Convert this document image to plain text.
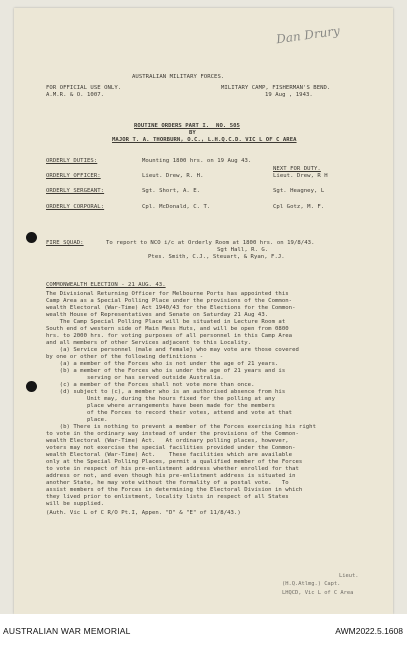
Dan Drury
AUSTRALIAN MILITARY FORCES.
FOR OFFICIAL USE ONLY.
A.M.R. & O. 1007.
MILITARY CAMP, FISHERMAN'S BEND.
19 Aug , 1943.
ROUTINE ORDERS PART I.  NO. 505
BY
MAJOR T. A. THORBURN, O.C., L.H.Q.C.D. VIC L OF C AREA
ORDERLY DUTIES:	Mounting 1800 hrs. on 19 Aug 43.
NEXT FOR DUTY.
ORDERLY OFFICER:	Lieut. Drew, R. H.	Lieut. Drew, R H
ORDERLY SERGEANT:	Sgt. Short, A. E.	Sgt. Heagney, L
ORDERLY CORPORAL:	Cpl. McDonald, C. T.	Cpl Gotz, M. F.
FIRE SQUAD:	To report to NCO i/c at Orderly Room at 1800 hrs. on 19/8/43.
Sgt Hall, R. G.
Ptes. Smith, C.J., Steuart, & Ryan, F.J.
COMMONWEALTH ELECTION - 21 AUG. 43.
The Divisional Returning Officer for Melbourne Ports has appointed this
Camp Area as a Special Polling Place under the provisions of the Common-
wealth Electoral (War-Time) Act 1940/43 for the Elections for the Common-
wealth House of Representatives and Senate on Saturday 21 Aug 43.
The Camp Special Polling Place will be situated in Lecture Room at
South end of western side of Main Mess Huts, and will be open from 0800
hrs. to 2000 hrs. for voting purposes of all personnel in this Camp Area
and all members of other Services adjacent to this Locality.
(a) Service personnel (male and female) who may vote are those covered
by one or other of the following definitions -
(a) a member of the Forces who is not under the age of 21 years.
(b) a member of the Forces who is under the age of 21 years and is
serving or has served outside Australia.
(c) a member of the Forces shall not vote more than once.
(d) subject to (c), a member who is an authorised absence from his
Unit may, during the hours fixed for the polling at any
place where arrangements have been made for the members
of the Forces to record their votes, attend and vote at that
place.
(b) There is nothing to prevent a member of the Forces exercising his right
to vote in the ordinary way instead of under the provisions of the Common-
wealth Electoral (War-Time) Act.   At ordinary polling places, however,
voters may not exercise the special facilities provided under the Common-
wealth Electoral (War-Time) Act.    These facilities which are available
only at the Special Polling Places, permit a qualified member of the Forces
to vote in respect of his pre-enlistment address whether enrolled for that
address or not, and even though his pre-enlistment address is situated in
another State, he may vote without the formality of a postal vote.   To
assist members of the Forces in determining the Electoral Division in which
they lived prior to enlistment, locality lists in respect of all States
will be supplied.
(Auth. Vic L of C R/O Pt.I, Appen. "D" & "E" of 11/8/43.)
Lieut.
(H.Q.Atlmg.) Capt.
LHQCD, Vic L of C Area
AUSTRALIAN WAR MEMORIAL	AWM2022.5.1608
